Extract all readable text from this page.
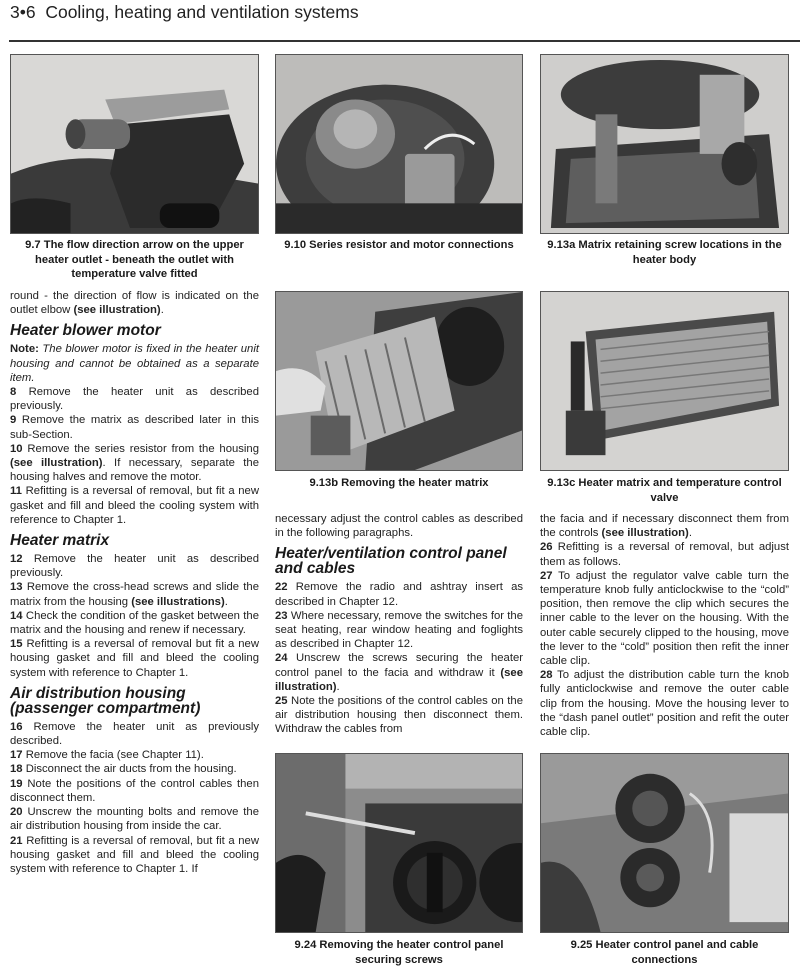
3•6 Cooling, heating and ventilation systems
9.7 The flow direction arrow on the upper heater outlet - beneath the outlet with temperature valve fitted
9.10 Series resistor and motor connections	9.13a Matrix retaining screw locations in the heater body
9.13b Removing the heater matrix	9.13c Heater matrix and temperature control valve
9.24 Removing the heater control panel securing screws
9.25 Heater control panel and cable connections

round - the direction of flow is indicated on the outlet elbow (see illustration).

Heater blower motor

Note: The blower motor is fixed in the heater unit housing and cannot be obtained as a separate item.

8 Remove the heater unit as described previously.

9 Remove the matrix as described later in this sub-Section.

10 Remove the series resistor from the housing (see illustration). If necessary, separate the housing halves and remove the motor.

11 Refitting is a reversal of removal, but fit a new gasket and fill and bleed the cooling system with reference to Chapter 1.

Heater matrix

12 Remove the heater unit as described previously.

13 Remove the cross-head screws and slide the matrix from the housing (see illustrations).

14 Check the condition of the gasket between the matrix and the housing and renew if necessary.

15 Refitting is a reversal of removal but fit a new housing gasket and fill and bleed the cooling system with reference to Chapter 1.

Air distribution housing (passenger compartment)

16 Remove the heater unit as previously described.

17 Remove the facia (see Chapter 11).

18 Disconnect the air ducts from the housing.

19 Note the positions of the control cables then disconnect them.

20 Unscrew the mounting bolts and remove the air distribution housing from inside the car.

21 Refitting is a reversal of removal, but fit a new housing gasket and fill and bleed the cooling system with reference to Chapter 1. If

necessary adjust the control cables as described in the following paragraphs.

Heater/ventilation control panel and cables

22 Remove the radio and ashtray insert as described in Chapter 12.

23 Where necessary, remove the switches for the seat heating, rear window heating and foglights as described in Chapter 12.

24 Unscrew the screws securing the heater control panel to the facia and withdraw it (see illustration).

25 Note the positions of the control cables on the air distribution housing then disconnect them. Withdraw the cables from

the facia and if necessary disconnect them from the controls (see illustration).

26 Refitting is a reversal of removal, but adjust them as follows.

27 To adjust the regulator valve cable turn the temperature knob fully anticlockwise to the “cold” position, then remove the clip which secures the inner cable to the lever on the housing. With the outer cable securely clipped to the housing, move the lever to the “cold” position then refit the inner cable clip.

28 To adjust the distribution cable turn the knob fully anticlockwise and remove the outer cable clip from the housing. Move the housing lever to the “dash panel outlet” position and refit the outer cable clip.
